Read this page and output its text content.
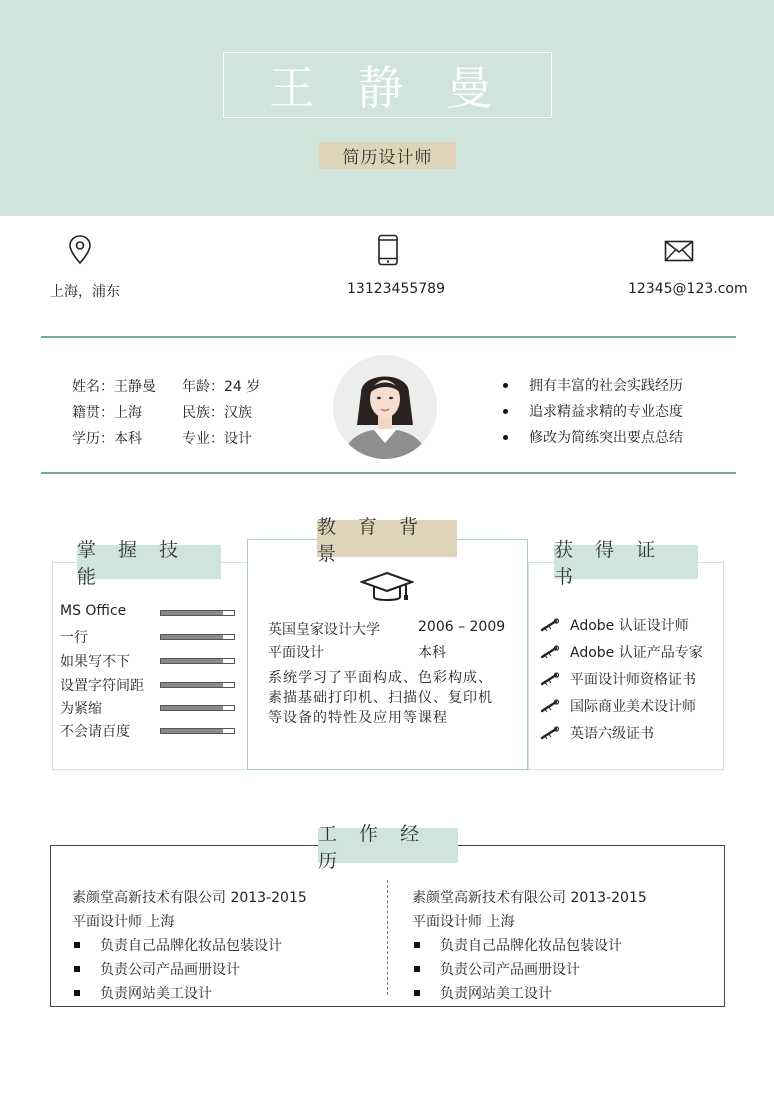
王 静 曼
简历设计师
上海，浦东	13123455789	12345@123.com
姓名：王静曼 年龄：24 岁
籍贯：上海	民族：汉族
学历：本科	专业：设计
拥有丰富的社会实践经历
追求精益求精的专业态度
修改为简练突出要点总结
掌 握 技 能
MS Office
一行
如果写不下
设置字符间距
为紧缩
不会请百度
获 得 证 书
Adobe 认证设计师
Adobe 认证产品专家
平面设计师资格证书
国际商业美术设计师
英语六级证书
教 育 背 景
英国皇家设计大学	2006 – 2009
平面设计	本科
系统学习了平面构成、色彩构成、
素描基础打印机、扫描仪、复印机
等设备的特性及应用等课程
工 作 经 历
素颜堂高新技术有限公司 2013-2015
平面设计师 上海
负责自己品牌化妆品包装设计
负责公司产品画册设计
负责网站美工设计
素颜堂高新技术有限公司 2013-2015
平面设计师 上海
负责自己品牌化妆品包装设计
负责公司产品画册设计
负责网站美工设计
